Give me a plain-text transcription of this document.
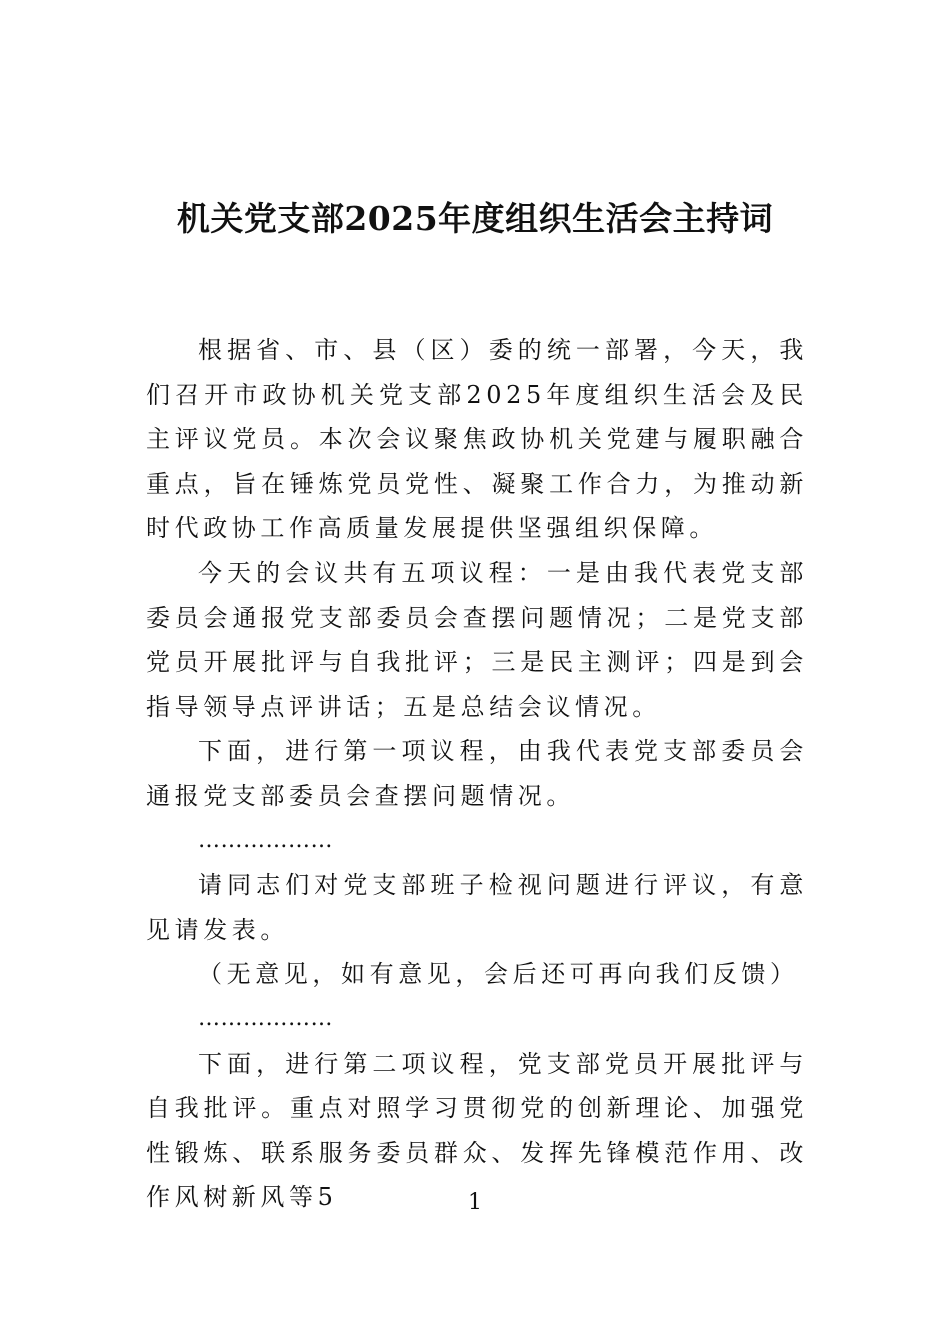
机关党支部2025年度组织生活会主持词

根据省、市、县（区）委的统一部署，今天，我们召开市政协机关党支部2025年度组织生活会及民主评议党员。本次会议聚焦政协机关党建与履职融合重点，旨在锤炼党员党性、凝聚工作合力，为推动新时代政协工作高质量发展提供坚强组织保障。

今天的会议共有五项议程：一是由我代表党支部委员会通报党支部委员会查摆问题情况；二是党支部党员开展批评与自我批评；三是民主测评；四是到会指导领导点评讲话；五是总结会议情况。

下面，进行第一项议程，由我代表党支部委员会通报党支部委员会查摆问题情况。

………………

请同志们对党支部班子检视问题进行评议，有意见请发表。

（无意见，如有意见，会后还可再向我们反馈）

………………

下面，进行第二项议程，党支部党员开展批评与自我批评。重点对照学习贯彻党的创新理论、加强党性锻炼、联系服务委员群众、发挥先锋模范作用、改作风树新风等5	1
